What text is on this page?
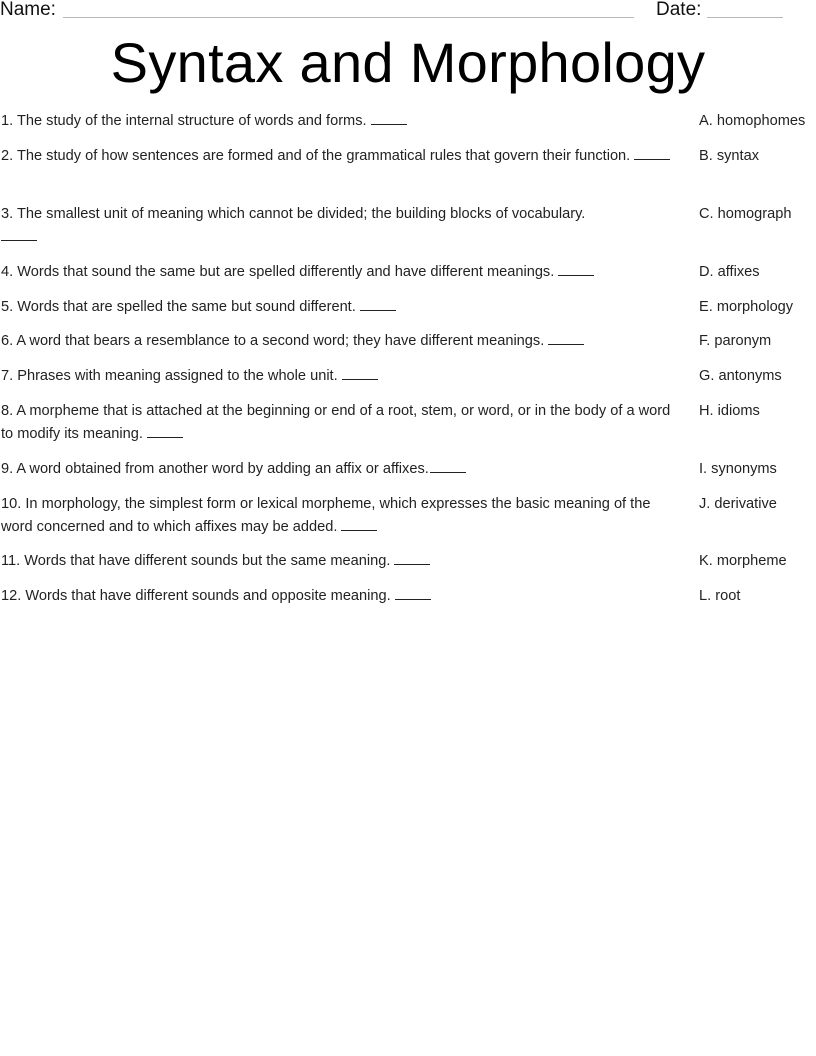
Name:	Date:
Syntax and Morphology
1. The study of the internal structure of words and forms.
2. The study of how sentences are formed and of the grammatical rules that govern their function.
3. The smallest unit of meaning which cannot be divided; the building blocks of vocabulary.

4. Words that sound the same but are spelled differently and have different meanings.
5. Words that are spelled the same but sound different.
6. A word that bears a resemblance to a second word; they have different meanings.
7. Phrases with meaning assigned to the whole unit.
8. A morpheme that is attached at the beginning or end of a root, stem, or word, or in the body of a word to modify its meaning.
9. A word obtained from another word by adding an affix or affixes.
10. In morphology, the simplest form or lexical morpheme, which expresses the basic meaning of the word concerned and to which affixes may be added.
11. Words that have different sounds but the same meaning.
12. Words that have different sounds and opposite meaning.
A. homophomes
B. syntax
C. homograph
D. affixes
E. morphology
F. paronym
G. antonyms
H. idioms
I. synonyms
J. derivative
K. morpheme
L. root
